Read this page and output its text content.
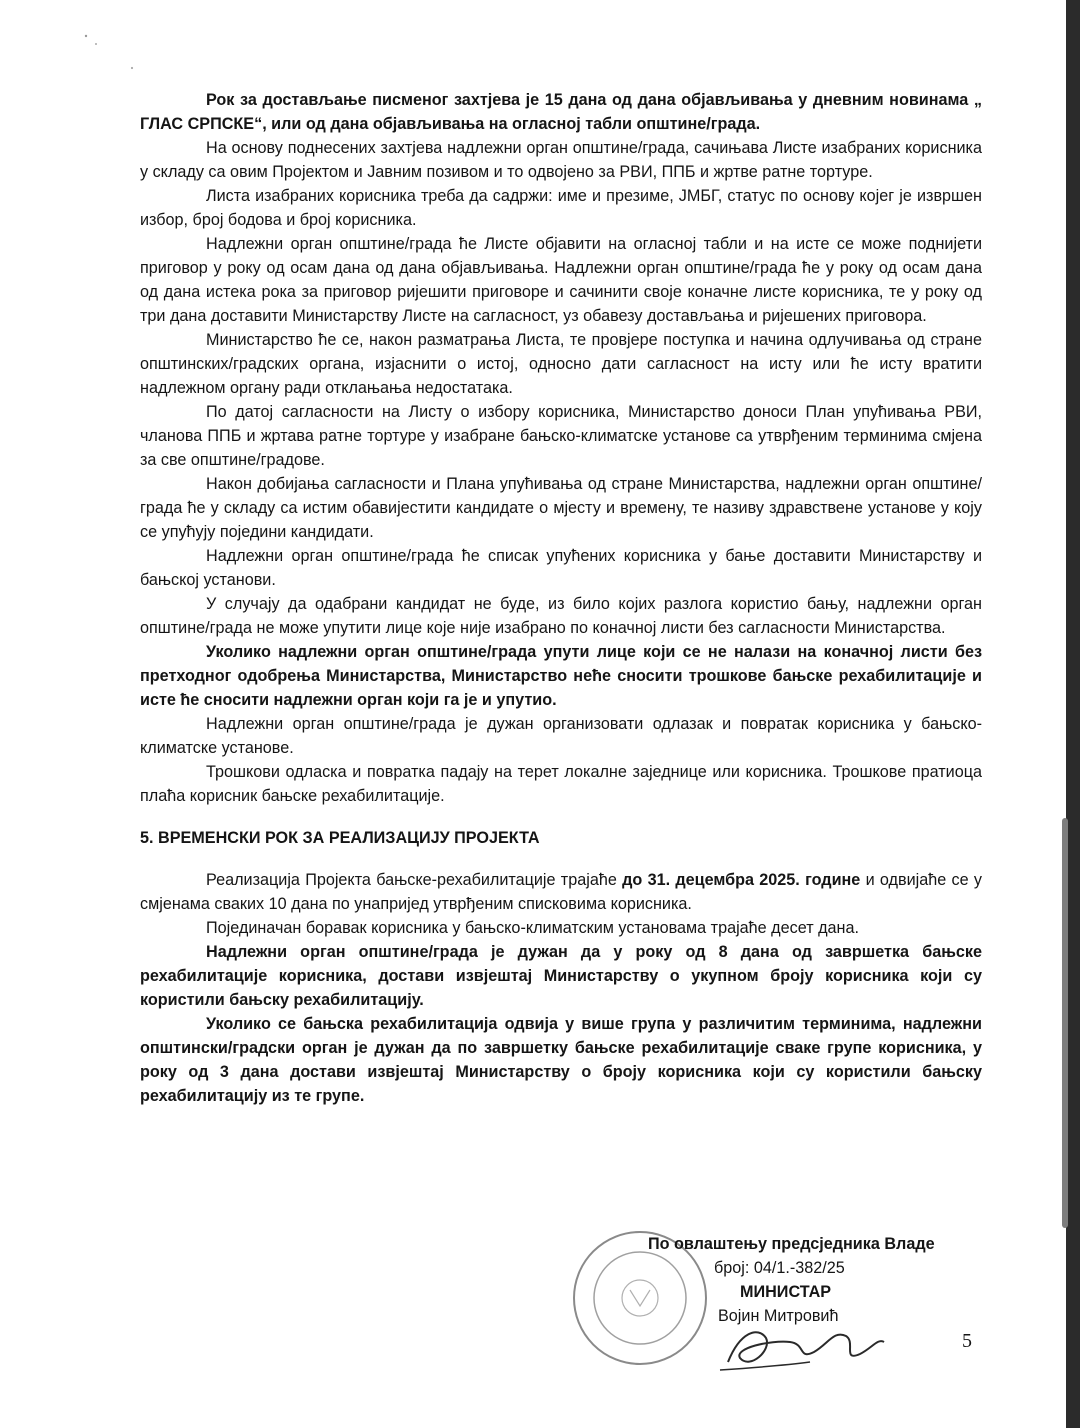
Рок за достављање писменог захтјева је 15 дана од дана објављивања у дневним новинама „ ГЛАС СРПСКЕ“, или од дана објављивања на огласној табли општине/града.

На основу поднесених захтјева надлежни орган општине/града, сачињава Листе изабраних корисника у складу са овим Пројектом и Јавним позивом и то одвојено за РВИ, ППБ и жртве ратне тортуре.

Листа изабраних корисника треба да садржи: име и презиме, ЈМБГ, статус по основу којег је извршен избор, број бодова и број корисника.

Надлежни орган општине/града ће Листе објавити на огласној табли и на исте се може поднијети приговор у року од осам дана од дана објављивања. Надлежни орган општине/града ће у року од осам дана од дана истека рока за приговор ријешити приговоре и сачинити своје коначне листе корисника, те у року од три дана доставити Министарству Листе на сагласност, уз обавезу достављања и ријешених приговора.

Министарство ће се, након разматрања Листа, те провјере поступка и начина одлучивања од стране општинских/градских органа, изјаснити о истој, односно дати сагласност на исту или ће исту вратити надлежном органу ради отклањања недостатака.

По датој сагласности на Листу о избору корисника, Министарство доноси План упућивања РВИ, чланова ППБ и жртава ратне тортуре у изабране бањско-климатске установе са утврђеним терминима смјена за све општине/градове.

Након добијања сагласности и Плана упућивања од стране Министарства, надлежни орган општине/града ће у складу са истим обавијестити кандидате о мјесту и времену, те називу здравствене установе у коју се упућују поједини кандидати.

Надлежни орган општине/града ће списак упућених корисника у бање доставити Министарству и бањској установи.

У случају да одабрани кандидат не буде, из било којих разлога користио бању, надлежни орган општине/града не може упутити лице које није изабрано по коначној листи без сагласности Министарства.

Уколико надлежни орган општине/града упути лице који се не налази на коначној листи без претходног одобрења Министарства, Министарство неће сносити трошкове бањске рехабилитације и исте ће сносити надлежни орган који га је и упутио.

Надлежни орган општине/града је дужан организовати одлазак и повратак корисника у бањско-климатске установе.

Трошкови одласка и повратка падају на терет локалне заједнице или корисника. Трошкове пратиоца плаћа корисник бањске рехабилитације.

5. ВРЕМЕНСКИ РОК ЗА РЕАЛИЗАЦИЈУ ПРОЈЕКТА

Реализација Пројекта бањске-рехабилитације трајаће до 31. децембра 2025. године и одвијаће се у смјенама сваких 10 дана по унапријед утврђеним списковима корисника.

Појединачан боравак корисника у бањско-климатским установама трајаће десет дана.

Надлежни орган општине/града је дужан да у року од 8 дана од завршетка бањске рехабилитације корисника, достави извјештај Министарству о укупном броју корисника који су користили бањску рехабилитацију.

Уколико се бањска рехабилитација одвија у више група у различитим терминима, надлежни општински/градски орган је дужан да по завршетку бањске рехабилитације сваке групе корисника, у року од 3 дана достави извјештај Министарству о броју корисника који су користили бањску рехабилитацију из те групе.

По овлаштењу предсједника Владе
број: 04/1.-382/25
МИНИСТАР
Војин Митровић
5
